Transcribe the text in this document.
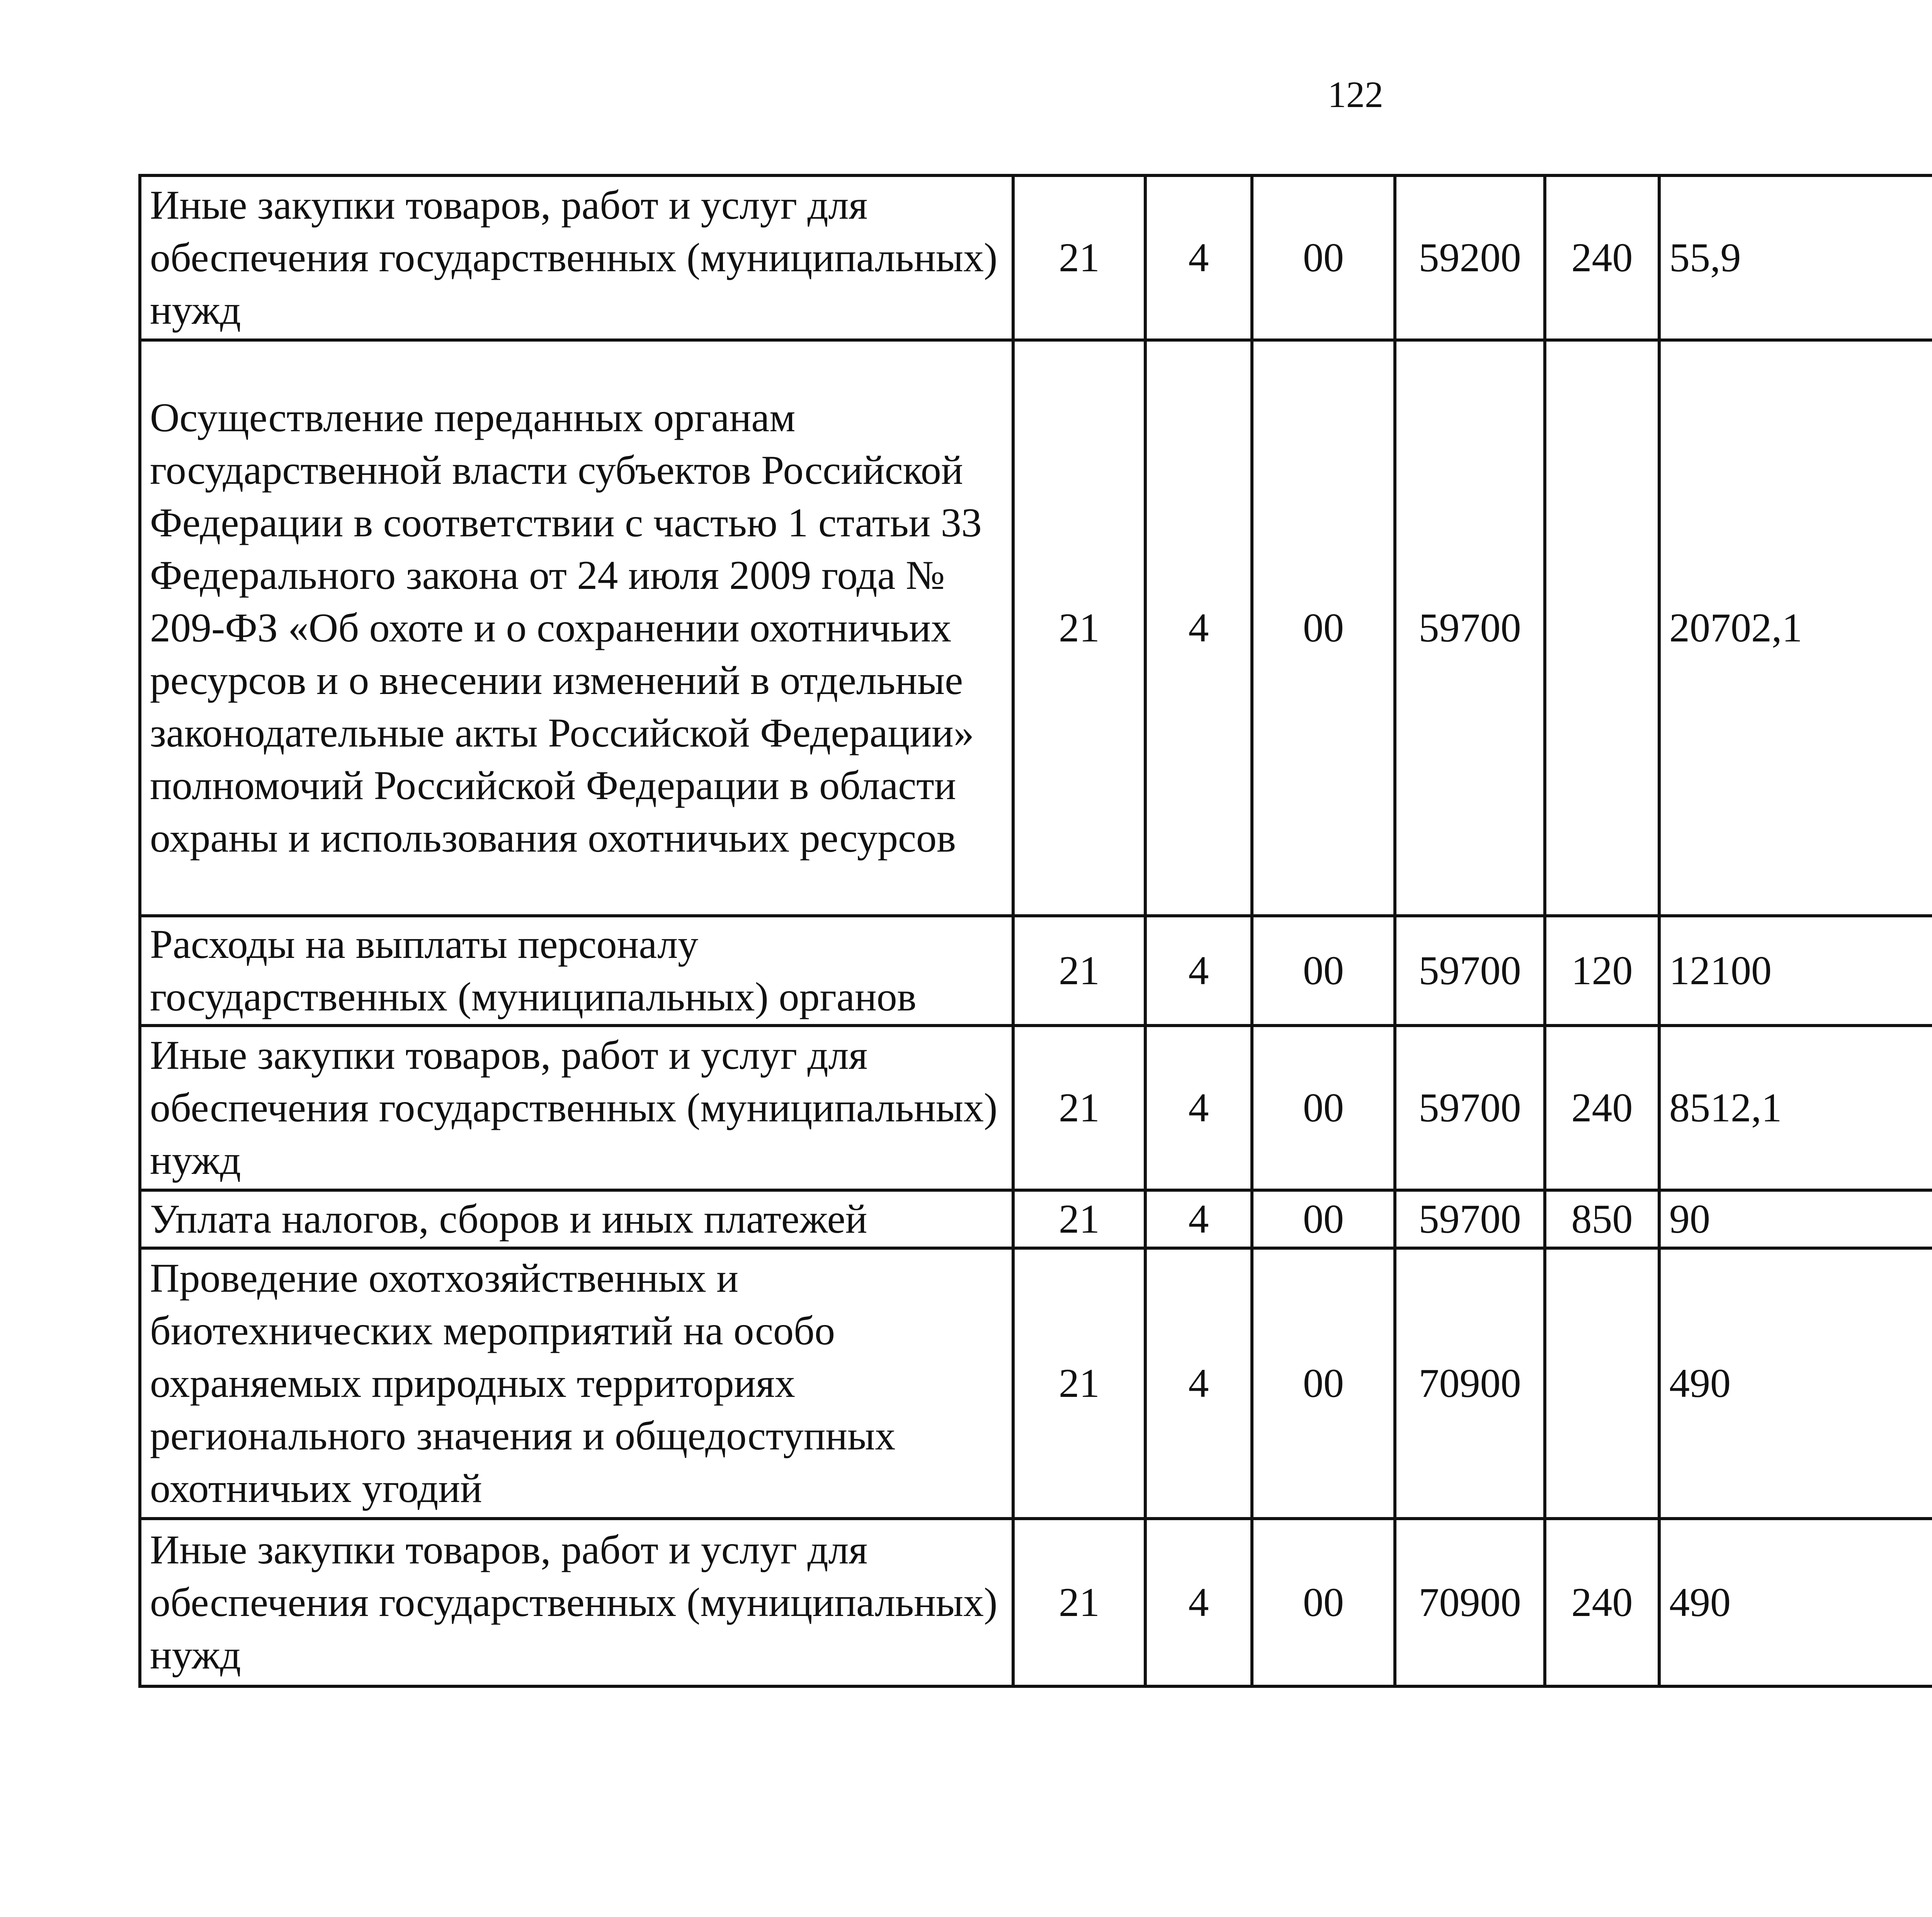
122
Иные закупки товаров, работ и услуг для обеспечения государственных (муниципальных) нужд	21	4	00	59200	240	55,9		
Осуществление переданных органам государственной власти субъектов Российской Федерации в соответствии с частью 1 статьи 33 Федерального закона от 24 июля 2009 года № 209-ФЗ «Об охоте и о сохранении охотничьих ресурсов и о внесении изменений в отдельные законодательные акты Российской Федерации» полномочий Российской Федерации в области охраны и использования охотничьих ресурсов	21	4	00	59700		20702,1		
Расходы на выплаты персоналу государственных (муниципальных) органов	21	4	00	59700	120	12100		
Иные закупки товаров, работ и услуг для обеспечения государственных (муниципальных) нужд	21	4	00	59700	240	8512,1		
Уплата налогов, сборов и иных платежей	21	4	00	59700	850	90		
Проведение охотхозяйственных и биотехнических мероприятий на особо охраняемых природных территориях регионального значения и общедоступных охотничьих угодий	21	4	00	70900		490		
Иные закупки товаров, работ и услуг для обеспечения государственных (муниципальных) нужд	21	4	00	70900	240	490		
